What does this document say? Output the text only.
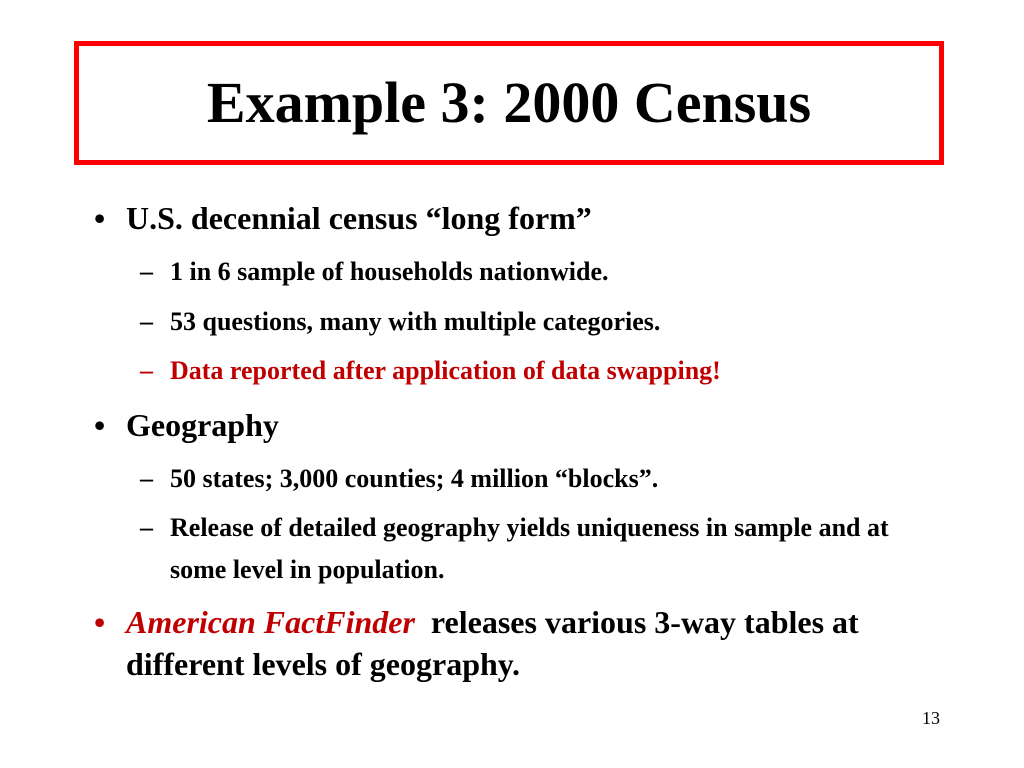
Example 3: 2000 Census
• U.S. decennial census “long form”
– 1 in 6 sample of households nationwide.
– 53 questions, many with multiple categories.
– Data reported after application of data swapping!
• Geography
– 50 states; 3,000 counties; 4 million “blocks”.
– Release of detailed geography yields uniqueness in sample and at some level in population.
• American FactFinder releases various 3-way tables at different levels of geography.
13
